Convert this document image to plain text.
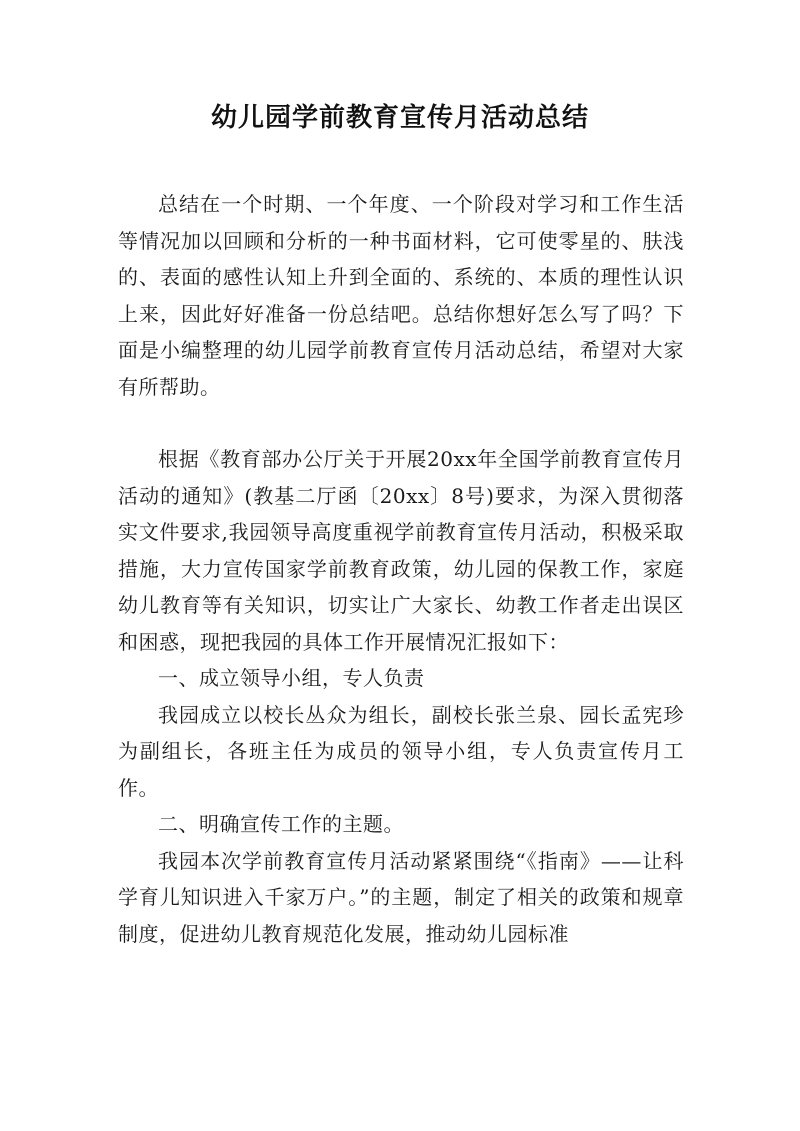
幼儿园学前教育宣传月活动总结

总结在一个时期、一个年度、一个阶段对学习和工作生活等情况加以回顾和分析的一种书面材料，它可使零星的、肤浅的、表面的感性认知上升到全面的、系统的、本质的理性认识上来，因此好好准备一份总结吧。总结你想好怎么写了吗？下面是小编整理的幼儿园学前教育宣传月活动总结，希望对大家有所帮助。

根据《教育部办公厅关于开展20xx年全国学前教育宣传月活动的通知》(教基二厅函〔20xx〕8号)要求，为深入贯彻落实文件要求,我园领导高度重视学前教育宣传月活动，积极采取措施，大力宣传国家学前教育政策，幼儿园的保教工作，家庭幼儿教育等有关知识，切实让广大家长、幼教工作者走出误区和困惑，现把我园的具体工作开展情况汇报如下：

一、成立领导小组，专人负责

我园成立以校长丛众为组长，副校长张兰泉、园长孟宪珍为副组长，各班主任为成员的领导小组，专人负责宣传月工作。

二、明确宣传工作的主题。

我园本次学前教育宣传月活动紧紧围绕“《指南》——让科学育儿知识进入千家万户。”的主题，制定了相关的政策和规章制度，促进幼儿教育规范化发展，推动幼儿园标准
